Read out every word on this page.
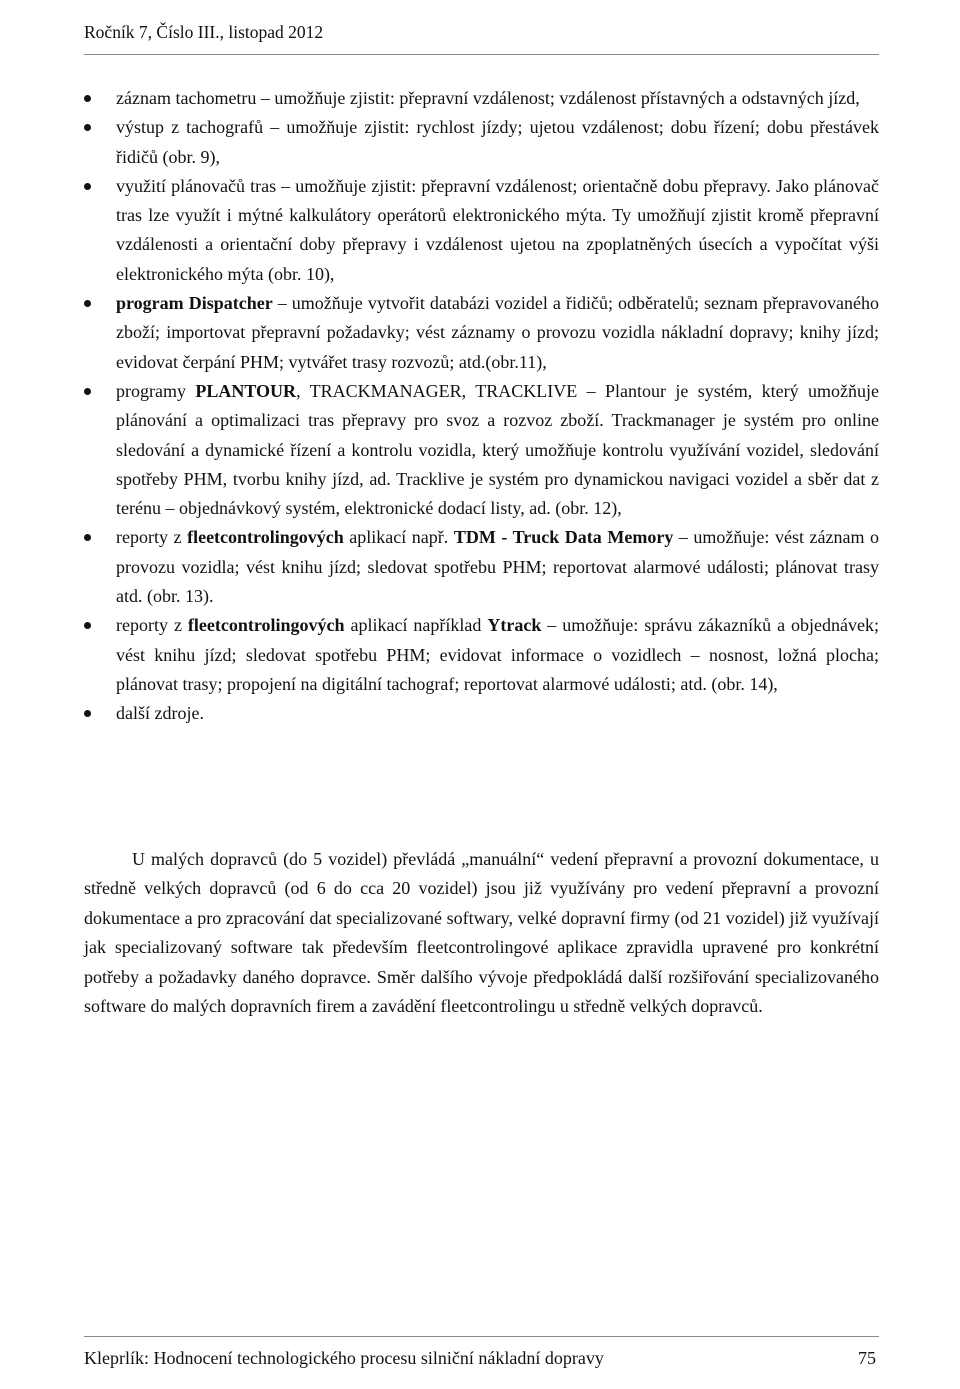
Ročník 7, Číslo III., listopad 2012
záznam tachometru – umožňuje zjistit: přepravní vzdálenost; vzdálenost přístavných a odstavných jízd,
výstup z tachografů – umožňuje zjistit: rychlost jízdy; ujetou vzdálenost; dobu řízení; dobu přestávek řidičů (obr. 9),
využití plánovačů tras – umožňuje zjistit: přepravní vzdálenost; orientačně dobu přepravy. Jako plánovač tras lze využít i mýtné kalkulátory operátorů elektronického mýta. Ty umožňují zjistit kromě přepravní vzdálenosti a orientační doby přepravy i vzdálenost ujetou na zpoplatněných úsecích a vypočítat výši elektronického mýta (obr. 10),
program Dispatcher – umožňuje vytvořit databázi vozidel a řidičů; odběratelů; seznam přepravovaného zboží; importovat přepravní požadavky; vést záznamy o provozu vozidla nákladní dopravy; knihy jízd; evidovat čerpání PHM; vytvářet trasy rozvozů; atd.(obr.11),
programy PLANTOUR, TRACKMANAGER, TRACKLIVE – Plantour je systém, který umožňuje plánování a optimalizaci tras přepravy pro svoz a rozvoz zboží. Trackmanager je systém pro online sledování a dynamické řízení a kontrolu vozidla, který umožňuje kontrolu využívání vozidel, sledování spotřeby PHM, tvorbu knihy jízd, ad. Tracklive je systém pro dynamickou navigaci vozidel a sběr dat z terénu – objednávkový systém, elektronické dodací listy, ad. (obr. 12),
reporty z fleetcontrolingových aplikací např. TDM - Truck Data Memory – umožňuje: vést záznam o provozu vozidla; vést knihu jízd; sledovat spotřebu PHM; reportovat alarmové události; plánovat trasy atd. (obr. 13).
reporty z fleetcontrolingových aplikací například Ytrack – umožňuje: správu zákazníků a objednávek; vést knihu jízd; sledovat spotřebu PHM; evidovat informace o vozidlech – nosnost, ložná plocha; plánovat trasy; propojení na digitální tachograf; reportovat alarmové události; atd. (obr. 14),
další zdroje.

U malých dopravců (do 5 vozidel) převládá „manuální“ vedení přepravní a provozní dokumentace, u středně velkých dopravců (od 6 do cca 20 vozidel) jsou již využívány pro vedení přepravní a provozní dokumentace a pro zpracování dat specializované softwary, velké dopravní firmy (od 21 vozidel) již využívají jak specializovaný software tak především fleetcontrolingové aplikace zpravidla upravené pro konkrétní potřeby a požadavky daného dopravce. Směr dalšího vývoje předpokládá další rozšiřování specializovaného software do malých dopravních firem a zavádění fleetcontrolingu u středně velkých dopravců.

Kleprlík: Hodnocení technologického procesu silniční nákladní dopravy	75
